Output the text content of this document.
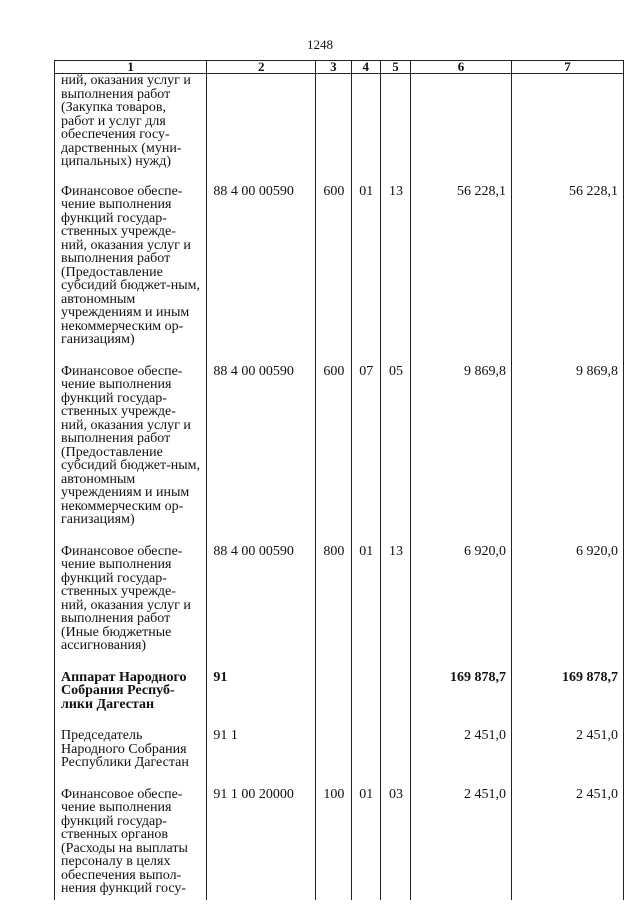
1248
1	2	3	4	5	6	7
ний, оказания услуг и выполнения работ (Закупка товаров, работ и услуг для обеспечения госу-дарственных (муни-ципальных) нужд)						
Финансовое обеспе-чение выполнения функций государ-ственных учрежде-ний, оказания услуг и выполнения работ (Предоставление субсидий бюджет-ным, автономным учреждениям и иным некоммерческим ор-ганизациям)	88 4 00 00590	600	01	13	56 228,1	56 228,1
Финансовое обеспе-чение выполнения функций государ-ственных учрежде-ний, оказания услуг и выполнения работ (Предоставление субсидий бюджет-ным, автономным учреждениям и иным некоммерческим ор-ганизациям)	88 4 00 00590	600	07	05	9 869,8	9 869,8
Финансовое обеспе-чение выполнения функций государ-ственных учрежде-ний, оказания услуг и выполнения работ (Иные бюджетные ассигнования)	88 4 00 00590	800	01	13	6 920,0	6 920,0
Аппарат Народного Собрания Респуб-лики Дагестан	91				169 878,7	169 878,7
Председатель Народного Собрания Республики Дагестан	91 1				2 451,0	2 451,0
Финансовое обеспе-чение выполнения функций государ-ственных органов (Расходы на выплаты персоналу в целях обеспечения выпол-нения функций госу-	91 1 00 20000	100	01	03	2 451,0	2 451,0
